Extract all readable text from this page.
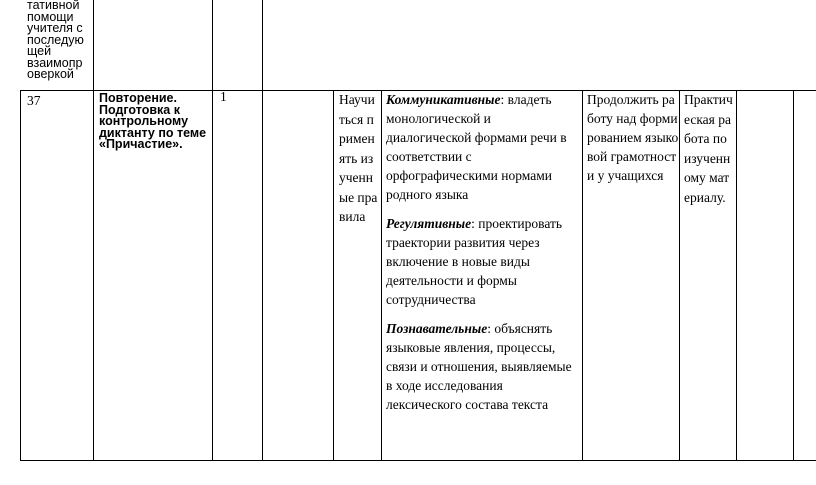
тативной помощи учителя с последую щей взаимопр оверкой
37	Повторение. Подготовка к контрольному диктанту по теме «Причастие».
1	Научиться применять изученные правила

Коммуникативные: владеть монологической и диалогической формами речи в соответствии с орфографическими нормами родного языка

Регулятивные: проектировать траектории развития через включение в новые виды деятельности и формы сотрудничества

Познавательные: объяснять языковые явления, процессы, связи и отношения, выявляемые в ходе исследования лексического состава текста

Продолжить работу над формированием языковой грамотности у учащихся
Практическая работа по изученному материалу.
